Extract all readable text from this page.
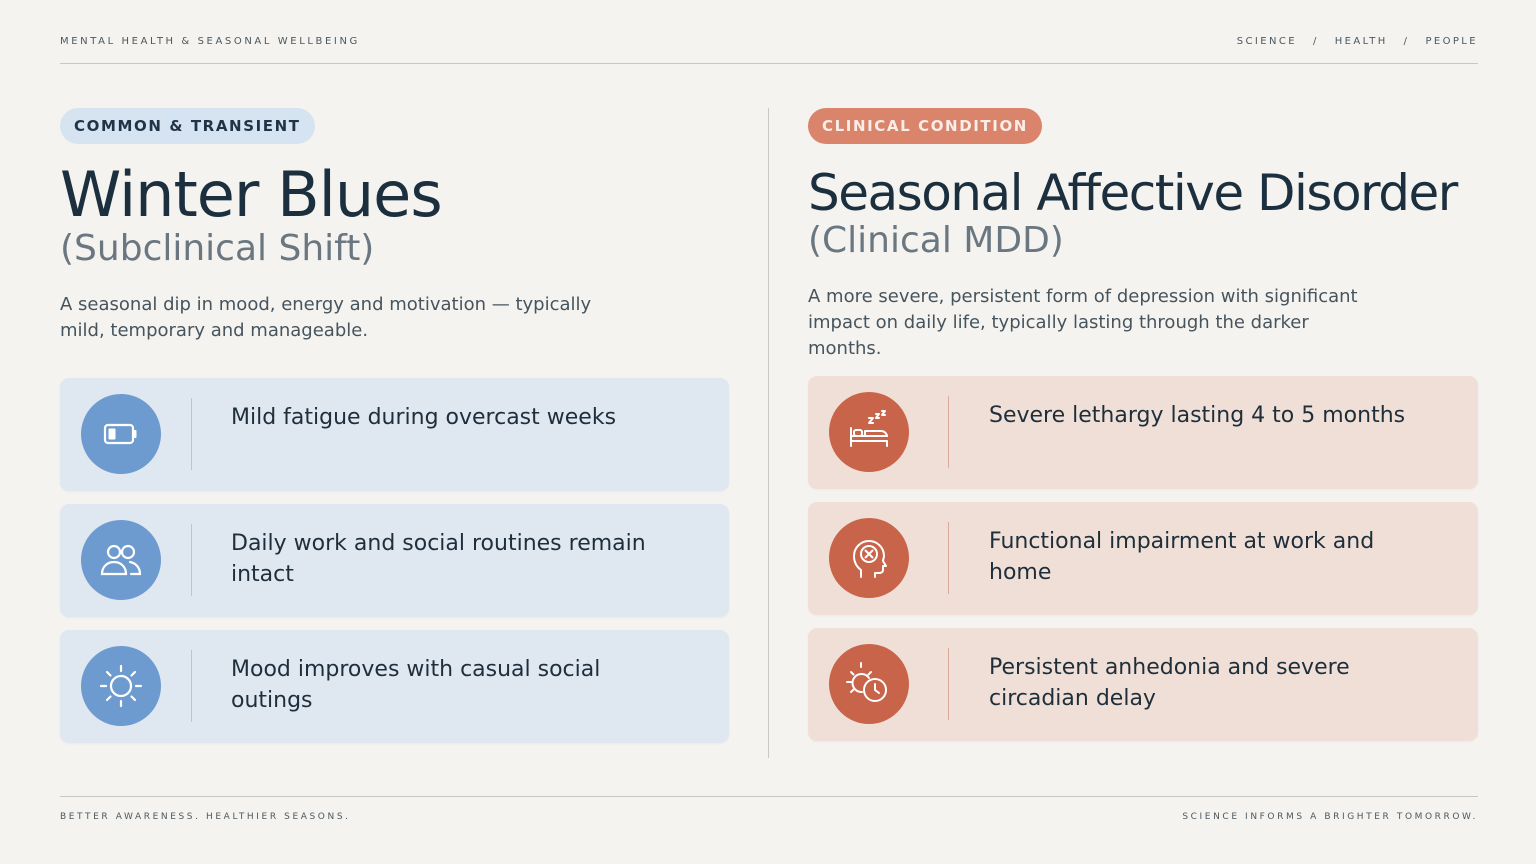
MENTAL HEALTH & SEASONAL WELLBEING	SCIENCE / HEALTH / PEOPLE
COMMON & TRANSIENT
Winter Blues
(Subclinical Shift)
A seasonal dip in mood, energy and motivation — typically mild, temporary and manageable.
Mild fatigue during overcast weeks
Daily work and social routines remain intact
Mood improves with casual social outings
CLINICAL CONDITION
Seasonal Affective Disorder
(Clinical MDD)
A more severe, persistent form of depression with significant impact on daily life, typically lasting through the darker months.
Severe lethargy lasting 4 to 5 months
Functional impairment at work and home
Persistent anhedonia and severe circadian delay
BETTER AWARENESS. HEALTHIER SEASONS.	SCIENCE INFORMS A BRIGHTER TOMORROW.
